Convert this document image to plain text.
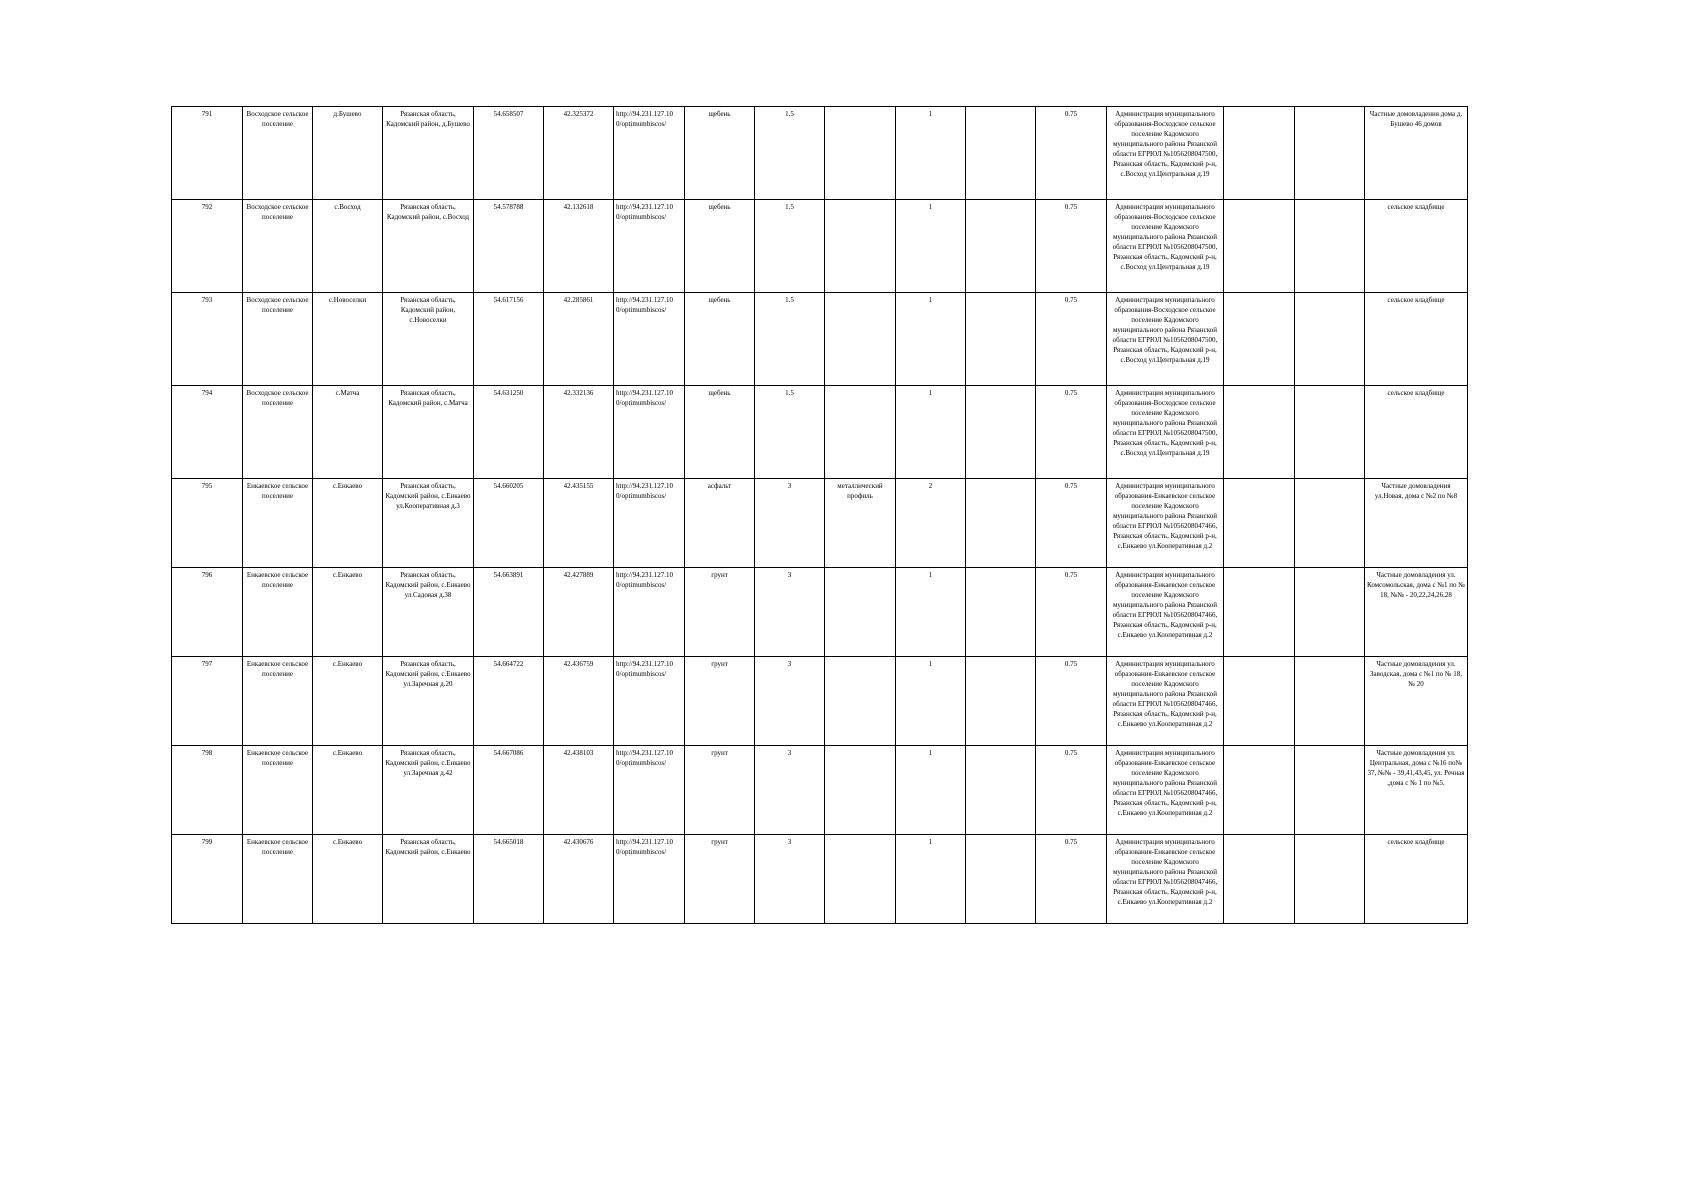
791	Восходское сельское поселение	д.Бушево	Рязанская область, Кадомский район, д.Бушево	54.658507	42.325372	http://94.231.127.10 0/optimumbiscos/	щебень	1.5		1		0.75	Администрация муниципального образования-Восходское сельское поселение Кадомского муниципального района Рязанской области ЕГРЮЛ №1056208047500, Рязанская область, Кадомский р-н, с.Восход ул.Центральная д.19			Частные домовладения дома д. Бушево 46 домов
792	Восходское сельское поселение	с.Восход	Рязанская область, Кадомский район, с.Восход	54.578788	42.132618	http://94.231.127.10 0/optimumbiscos/	щебень	1.5		1		0.75	Администрация муниципального образования-Восходское сельское поселение Кадомского муниципального района Рязанской области ЕГРЮЛ №1056208047500, Рязанская область, Кадомский р-н, с.Восход ул.Центральная д.19			сельское кладбище
793	Восходское сельское поселение	с.Новоселки	Рязанская область, Кадомский район, с.Новоселки	54.617156	42.285861	http://94.231.127.10 0/optimumbiscos/	щебень	1.5		1		0.75	Администрация муниципального образования-Восходское сельское поселение Кадомского муниципального района Рязанской области ЕГРЮЛ №1056208047500, Рязанская область, Кадомский р-н, с.Восход ул.Центральная д.19			сельское кладбище
794	Восходское сельское поселение	с.Матча	Рязанская область, Кадомский район, с.Матча	54.631250	42.332136	http://94.231.127.10 0/optimumbiscos/	щебень	1.5		1		0.75	Администрация муниципального образования-Восходское сельское поселение Кадомского муниципального района Рязанской области ЕГРЮЛ №1056208047500, Рязанская область, Кадомский р-н, с.Восход ул.Центральная д.19			сельское кладбище
795	Енкаевское сельское поселение	с.Енкаево	Рязанская область, Кадомский район, с.Енкаево ул.Кооперативная д.3	54.660205	42.435155	http://94.231.127.10 0/optimumbiscos/	асфальт	3	металлический профиль	2		0.75	Администрация муниципального образования-Енкаевское сельское поселение Кадомского муниципального района Рязанской области ЕГРЮЛ №1056208047466, Рязанская область, Кадомский р-н, с.Енкаево ул.Кооперативная д.2			Частные домовладения ул.Новая, дома с №2 по №8
796	Енкаевское сельское поселение	с.Енкаево	Рязанская область, Кадомский район, с.Енкаево ул.Садовая д.38	54.663891	42.427889	http://94.231.127.10 0/optimumbiscos/	грунт	3		1		0.75	Администрация муниципального образования-Енкаевское сельское поселение Кадомского муниципального района Рязанской области ЕГРЮЛ №1056208047466, Рязанская область, Кадомский р-н, с.Енкаево ул.Кооперативная д.2			Частные домовладения ул. Комсомольская, дома с №1 по № 18, №№ - 20,22,24,26,28
797	Енкаевское сельское поселение	с.Енкаево	Рязанская область, Кадомский район, с.Енкаево ул.Заречная д.20	54.664722	42.436759	http://94.231.127.10 0/optimumbiscos/	грунт	3		1		0.75	Администрация муниципального образования-Енкаевское сельское поселение Кадомского муниципального района Рязанской области ЕГРЮЛ №1056208047466, Рязанская область, Кадомский р-н, с.Енкаево ул.Кооперативная д.2			Частные домовладения ул. Заводская, дома с №1 по № 18, № 20
798	Енкаевское сельское поселение	с.Енкаево	Рязанская область, Кадомский район, с.Енкаево ул.Заречная д.42	54.667086	42.438103	http://94.231.127.10 0/optimumbiscos/	грунт	3		1		0.75	Администрация муниципального образования-Енкаевское сельское поселение Кадомского муниципального района Рязанской области ЕГРЮЛ №1056208047466, Рязанская область, Кадомский р-н, с.Енкаево ул.Кооперативная д.2			Частные домовладения ул. Центральная, дома с №16 по№ 37, №№ - 39,41,43,45, ул. Речная ,дома с № 1 по №5.
799	Енкаевское сельское поселение	с.Енкаево	Рязанская область, Кадомский район, с.Енкаево	54.665018	42.430676	http://94.231.127.10 0/optimumbiscos/	грунт	3		1		0.75	Администрация муниципального образования-Енкаевское сельское поселение Кадомского муниципального района Рязанской области ЕГРЮЛ №1056208047466, Рязанская область, Кадомский р-н, с.Енкаево ул.Кооперативная д.2			сельское кладбище
